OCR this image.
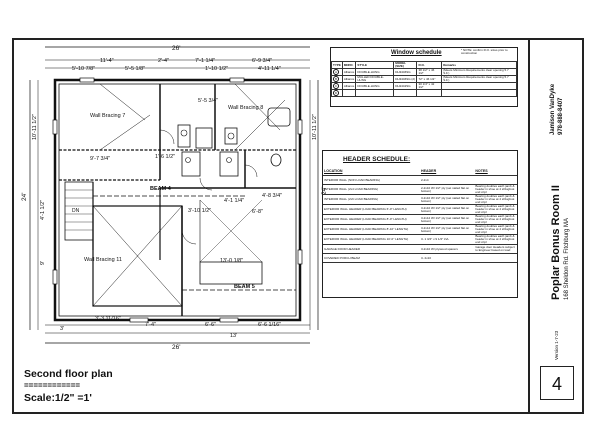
26'
11'-4"	2'-4"	7'-1 1/4"	6'-9 3/4"
5'-10 7/8"	5'-5 1/8"	1'-10 1/2"	4'-11 1/4"
5'-5 3/4"
9'-7 3/4"	1'-6 1/2"
4'-1 1/4"
4'-8 3/4"
3'-10 1/2"	6'-8"
13'-0 1/8"
3'-3 11/16"
7'-4"	6'-6"	6'-6 1/16"
13'
26'
3'
24'
24'
10'-11 1/2"	10'-11 1/2"
4'-1 1/2"
9'
Wall Bracing 7
Wall Bracing 8
Wall Bracing 11
BEAM 4
BEAM 5
DN
Window schedule	* NOTE: confirm R.O. sizes prior to construction
TYPE	MNFR.	STYLE	MODEL (SIZE)	R.O.	Remarks
A	Alliance	DOUBLE-HUNG	DH3446SG	38 1/2" x 46 1/2"	(Meets Minimum Requirements clear opening 5.7 S.F.)
B	Alliance	MULLED DOUBLE-HUNG	DH3446SG (2)	72" x 46 1/2"	(Meets Minimum Requirements clear opening 5.7 S.F.)
C	Alliance	DOUBLE-HUNG	DH2442SG	30 1/4" x 42 1/2"	
D					
HEADER SCHEDULE:
LOCATION	HEADER	NOTES
INTERIOR WALL (NON LOAD BEARING)	2-2x4	
INTERIOR WALL (2x4 LOAD BEARING)	2-2x10 W/ 1/2" ply (set nailed flat on bottom)	Bearing doubles each jamb & header in shoe at 4 2/dugfoot end cripl
INTERIOR WALL (2x6 LOAD BEARING)	3-2x10 W/ 1/2" ply (set nailed flat on bottom)	Bearing doubles each jamb & header in shoe at 4 2/dugfoot end cripl
EXTERIOR WALL HEADER (LOAD BEARING 6'-0" LENGTH)	3-2x10 W/ 1/2" ply (set nailed flat on bottom)	Bearing doubles each jamb & header in shoe at 4 2/dugfoot end cripl
EXTERIOR WALL HEADER (LOAD BEARING 8'-0" LENGTH)	3-2x12 W/ 1/2" ply (set nailed flat on bottom)	Bearing doubles each jamb & header in shoe at 4 2/dugfoot end cripl
EXTERIOR WALL HEADER (LOAD BEARING 8'-10" LENGTH)	3-2x12 W/ 1/2" ply (set nailed flat on bottom)	Bearing doubles each jamb & header in shoe at 4 2/dugfoot end cripl
EXTERIOR WALL HEADER (LOAD BEARING 10'-0" LENGTH)	3- 1 3/4" x 9 1/4" LVL	Bearing doubles each jamb & header in shoe at 4 2/dugfoot end cripl
GARAGE DOOR HEADER	3-2x10 W/ plywood spacers	Garage door Headers subject to Engineer based on load
COVERED PORCH BEAM	3- 2x10	
Jamison VanDyke 978-888-8407
Poplar Bonus Room II 168 Sheldon Rd. Fitchburg MA
Version 1-7-23
4
Second floor plan
============
Scale:1/2" =1'
